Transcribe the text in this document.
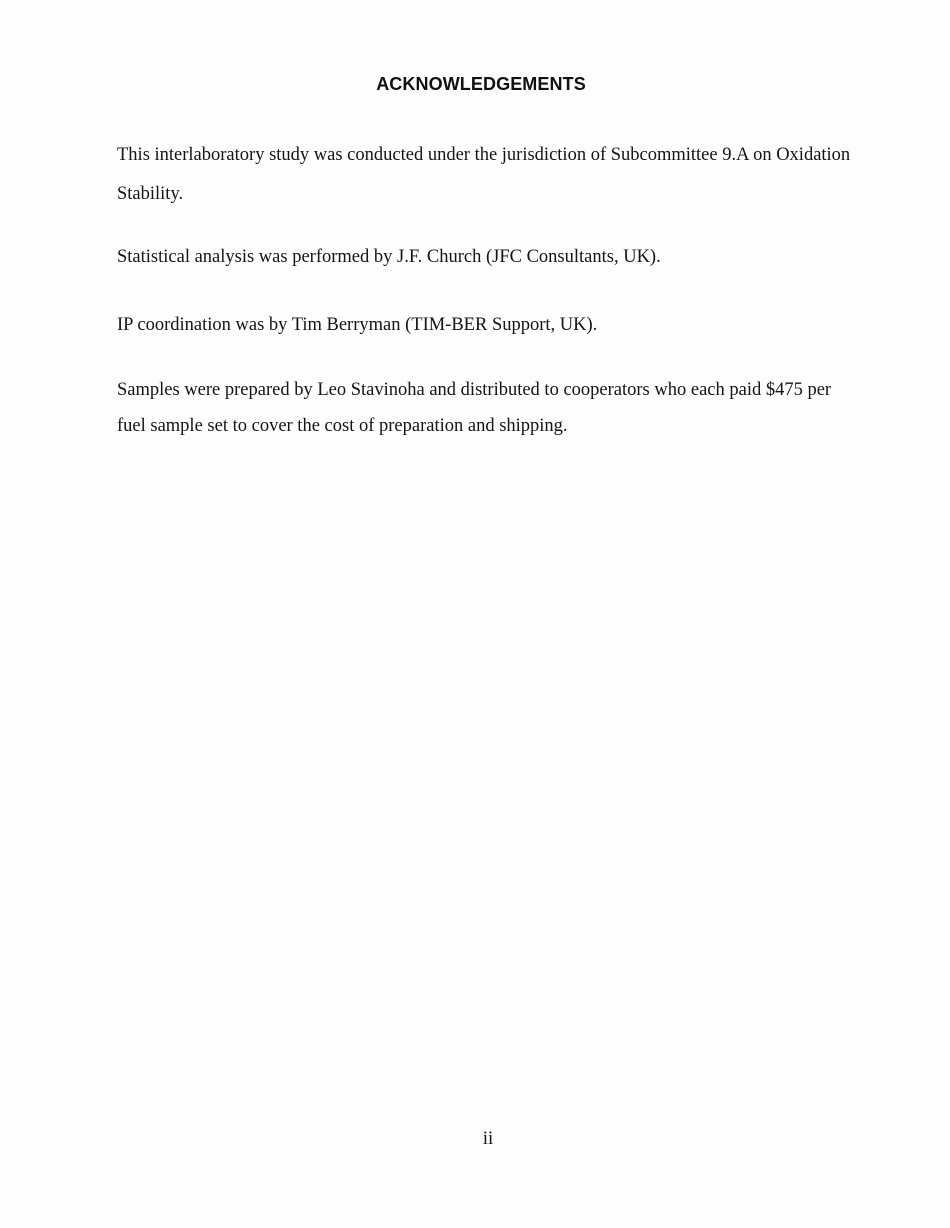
ACKNOWLEDGEMENTS

This interlaboratory study was conducted under the jurisdiction of Subcommittee 9.A on Oxidation Stability.

Statistical analysis was performed by J.F. Church (JFC Consultants, UK).

IP coordination was by Tim Berryman (TIM-BER Support, UK).

Samples were prepared by Leo Stavinoha and distributed to cooperators who each paid $475 per fuel sample set to cover the cost of preparation and shipping.

ii
